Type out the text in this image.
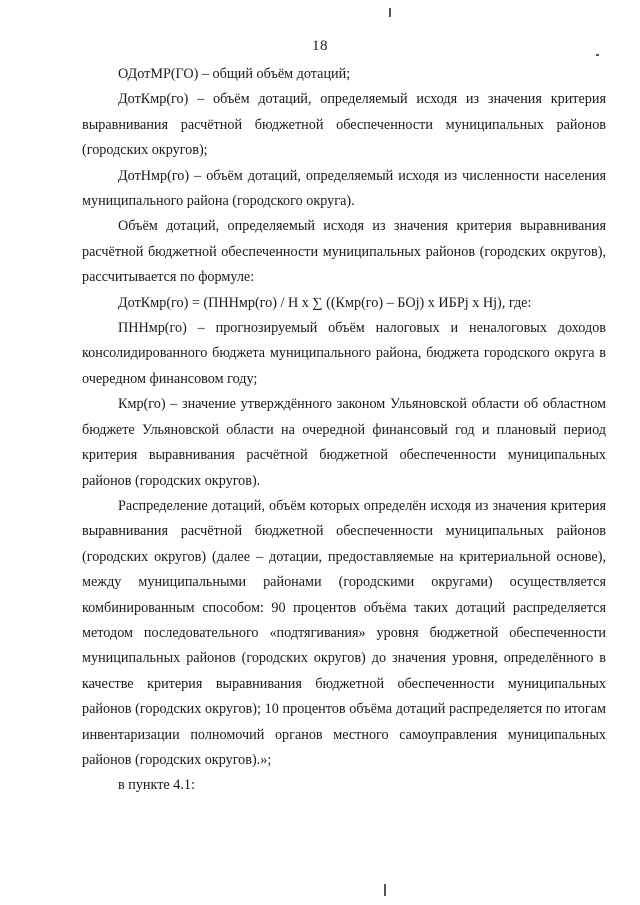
18

ОДотМР(ГО) – общий объём дотаций;

ДотКмр(го) – объём дотаций, определяемый исходя из значения критерия выравнивания расчётной бюджетной обеспеченности муниципальных районов (городских округов);

ДотНмр(го) – объём дотаций, определяемый исходя из численности населения муниципального района (городского округа).

Объём дотаций, определяемый исходя из значения критерия выравнивания расчётной бюджетной обеспеченности муниципальных районов (городских округов), рассчитывается по формуле:

ДотКмр(го) = (ПННмр(го) / Н x ∑ ((Кмр(го) – БОj) x ИБРj x Нj), где:

ПННмр(го) – прогнозируемый объём налоговых и неналоговых доходов консолидированного бюджета муниципального района, бюджета городского округа в очередном финансовом году;

Кмр(го) – значение утверждённого законом Ульяновской области об областном бюджете Ульяновской области на очередной финансовый год и плановый период критерия выравнивания расчётной бюджетной обеспеченности муниципальных районов (городских округов).

Распределение дотаций, объём которых определён исходя из значения критерия выравнивания расчётной бюджетной обеспеченности муниципальных районов (городских округов) (далее – дотации, предоставляемые на критериальной основе), между муниципальными районами (городскими округами) осуществляется комбинированным способом: 90 процентов объёма таких дотаций распределяется методом последовательного «подтягивания» уровня бюджетной обеспеченности муниципальных районов (городских округов) до значения уровня, определённого в качестве критерия выравнивания бюджетной обеспеченности муниципальных районов (городских округов); 10 процентов объёма дотаций распределяется по итогам инвентаризации полномочий органов местного самоуправления муниципальных районов (городских округов).»;

в пункте 4.1:
